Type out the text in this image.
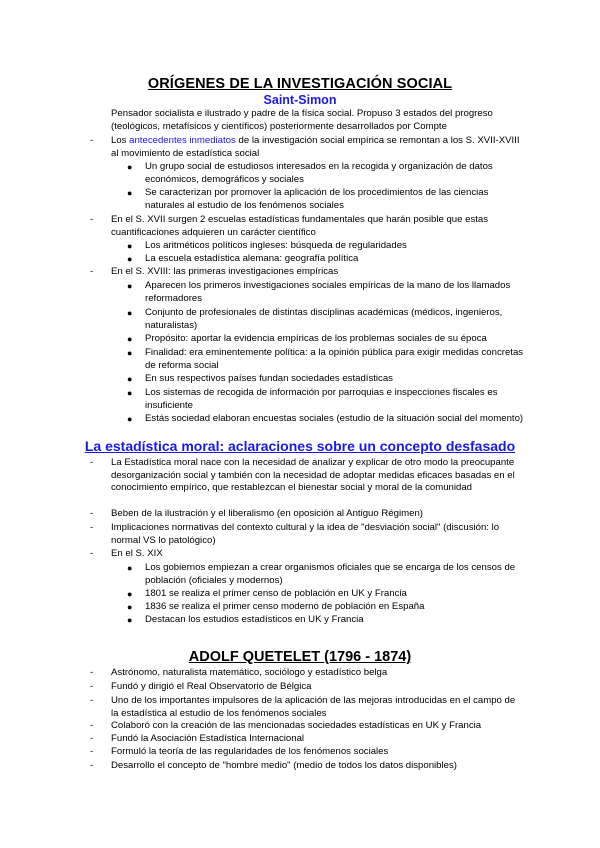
ORÍGENES DE LA INVESTIGACIÓN SOCIAL
Saint-Simon
Pensador socialista e ilustrado y padre de la física social. Propuso 3 estados del progreso (teológicos, metafísicos y científicos) posteriormente desarrollados por Compte
- Los antecedentes inmediatos de la investigación social empírica se remontan a los S. XVII-XVIII al movimiento de estadística social
● Un grupo social de estudiosos interesados en la recogida y organización de datos económicos, demográficos y sociales
● Se caracterizan por promover la aplicación de los procedimientos de las ciencias naturales al estudio de los fenómenos sociales
- En el S. XVII surgen 2 escuelas estadísticas fundamentales que harán posible que estas cuantificaciones adquieren un carácter científico
● Los aritméticos políticos ingleses: búsqueda de regularidades
● La escuela estadística alemana: geografía política
- En el S. XVIII: las primeras investigaciones empíricas
● Aparecen los primeros investigaciones sociales empíricas de la mano de los llamados reformadores
● Conjunto de profesionales de distintas disciplinas académicas (médicos, ingenieros, naturalistas)
● Propósito: aportar la evidencia empíricas de los problemas sociales de su época
● Finalidad: era eminentemente política: a la opinión pública para exigir medidas concretas de reforma social
● En sus respectivos países fundan sociedades estadísticas
● Los sistemas de recogida de información por parroquias e inspecciones fiscales es insuficiente
● Estás sociedad elaboran encuestas sociales (estudio de la situación social del momento)
La estadística moral: aclaraciones sobre un concepto desfasado
- La Estadística moral nace con la necesidad de analizar y explicar de otro modo la preocupante desorganización social y también con la necesidad de adoptar medidas eficaces basadas en el conocimiento empírico, que restablezcan el bienestar social y moral de la comunidad
- Beben de la ilustración y el liberalismo (en oposición al Antiguo Régimen)
- Implicaciones normativas del contexto cultural y la idea de "desviación social" (discusión: lo normal VS lo patológico)
- En el S. XIX
● Los gobiernos empiezan a crear organismos oficiales que se encarga de los censos de población (oficiales y modernos)
● 1801 se realiza el primer censo de población en UK y Francia
● 1836 se realiza el primer censo moderno de población en España
● Destacan los estudios estadísticos en UK y Francia
ADOLF QUETELET (1796 - 1874)
- Astrónomo, naturalista matemático, sociólogo y estadístico belga
- Fundó y dirigió el Real Observatorio de Bélgica
- Uno de los importantes impulsores de la aplicación de las mejoras introducidas en el campo de la estadística al estudio de los fenómenos sociales
- Colaboró con la creación de las mencionadas sociedades estadísticas en UK y Francia
- Fundó la Asociación Estadística Internacional
- Formuló la teoría de las regularidades de los fenómenos sociales
- Desarrollo el concepto de "hombre medio" (medio de todos los datos disponibles)
